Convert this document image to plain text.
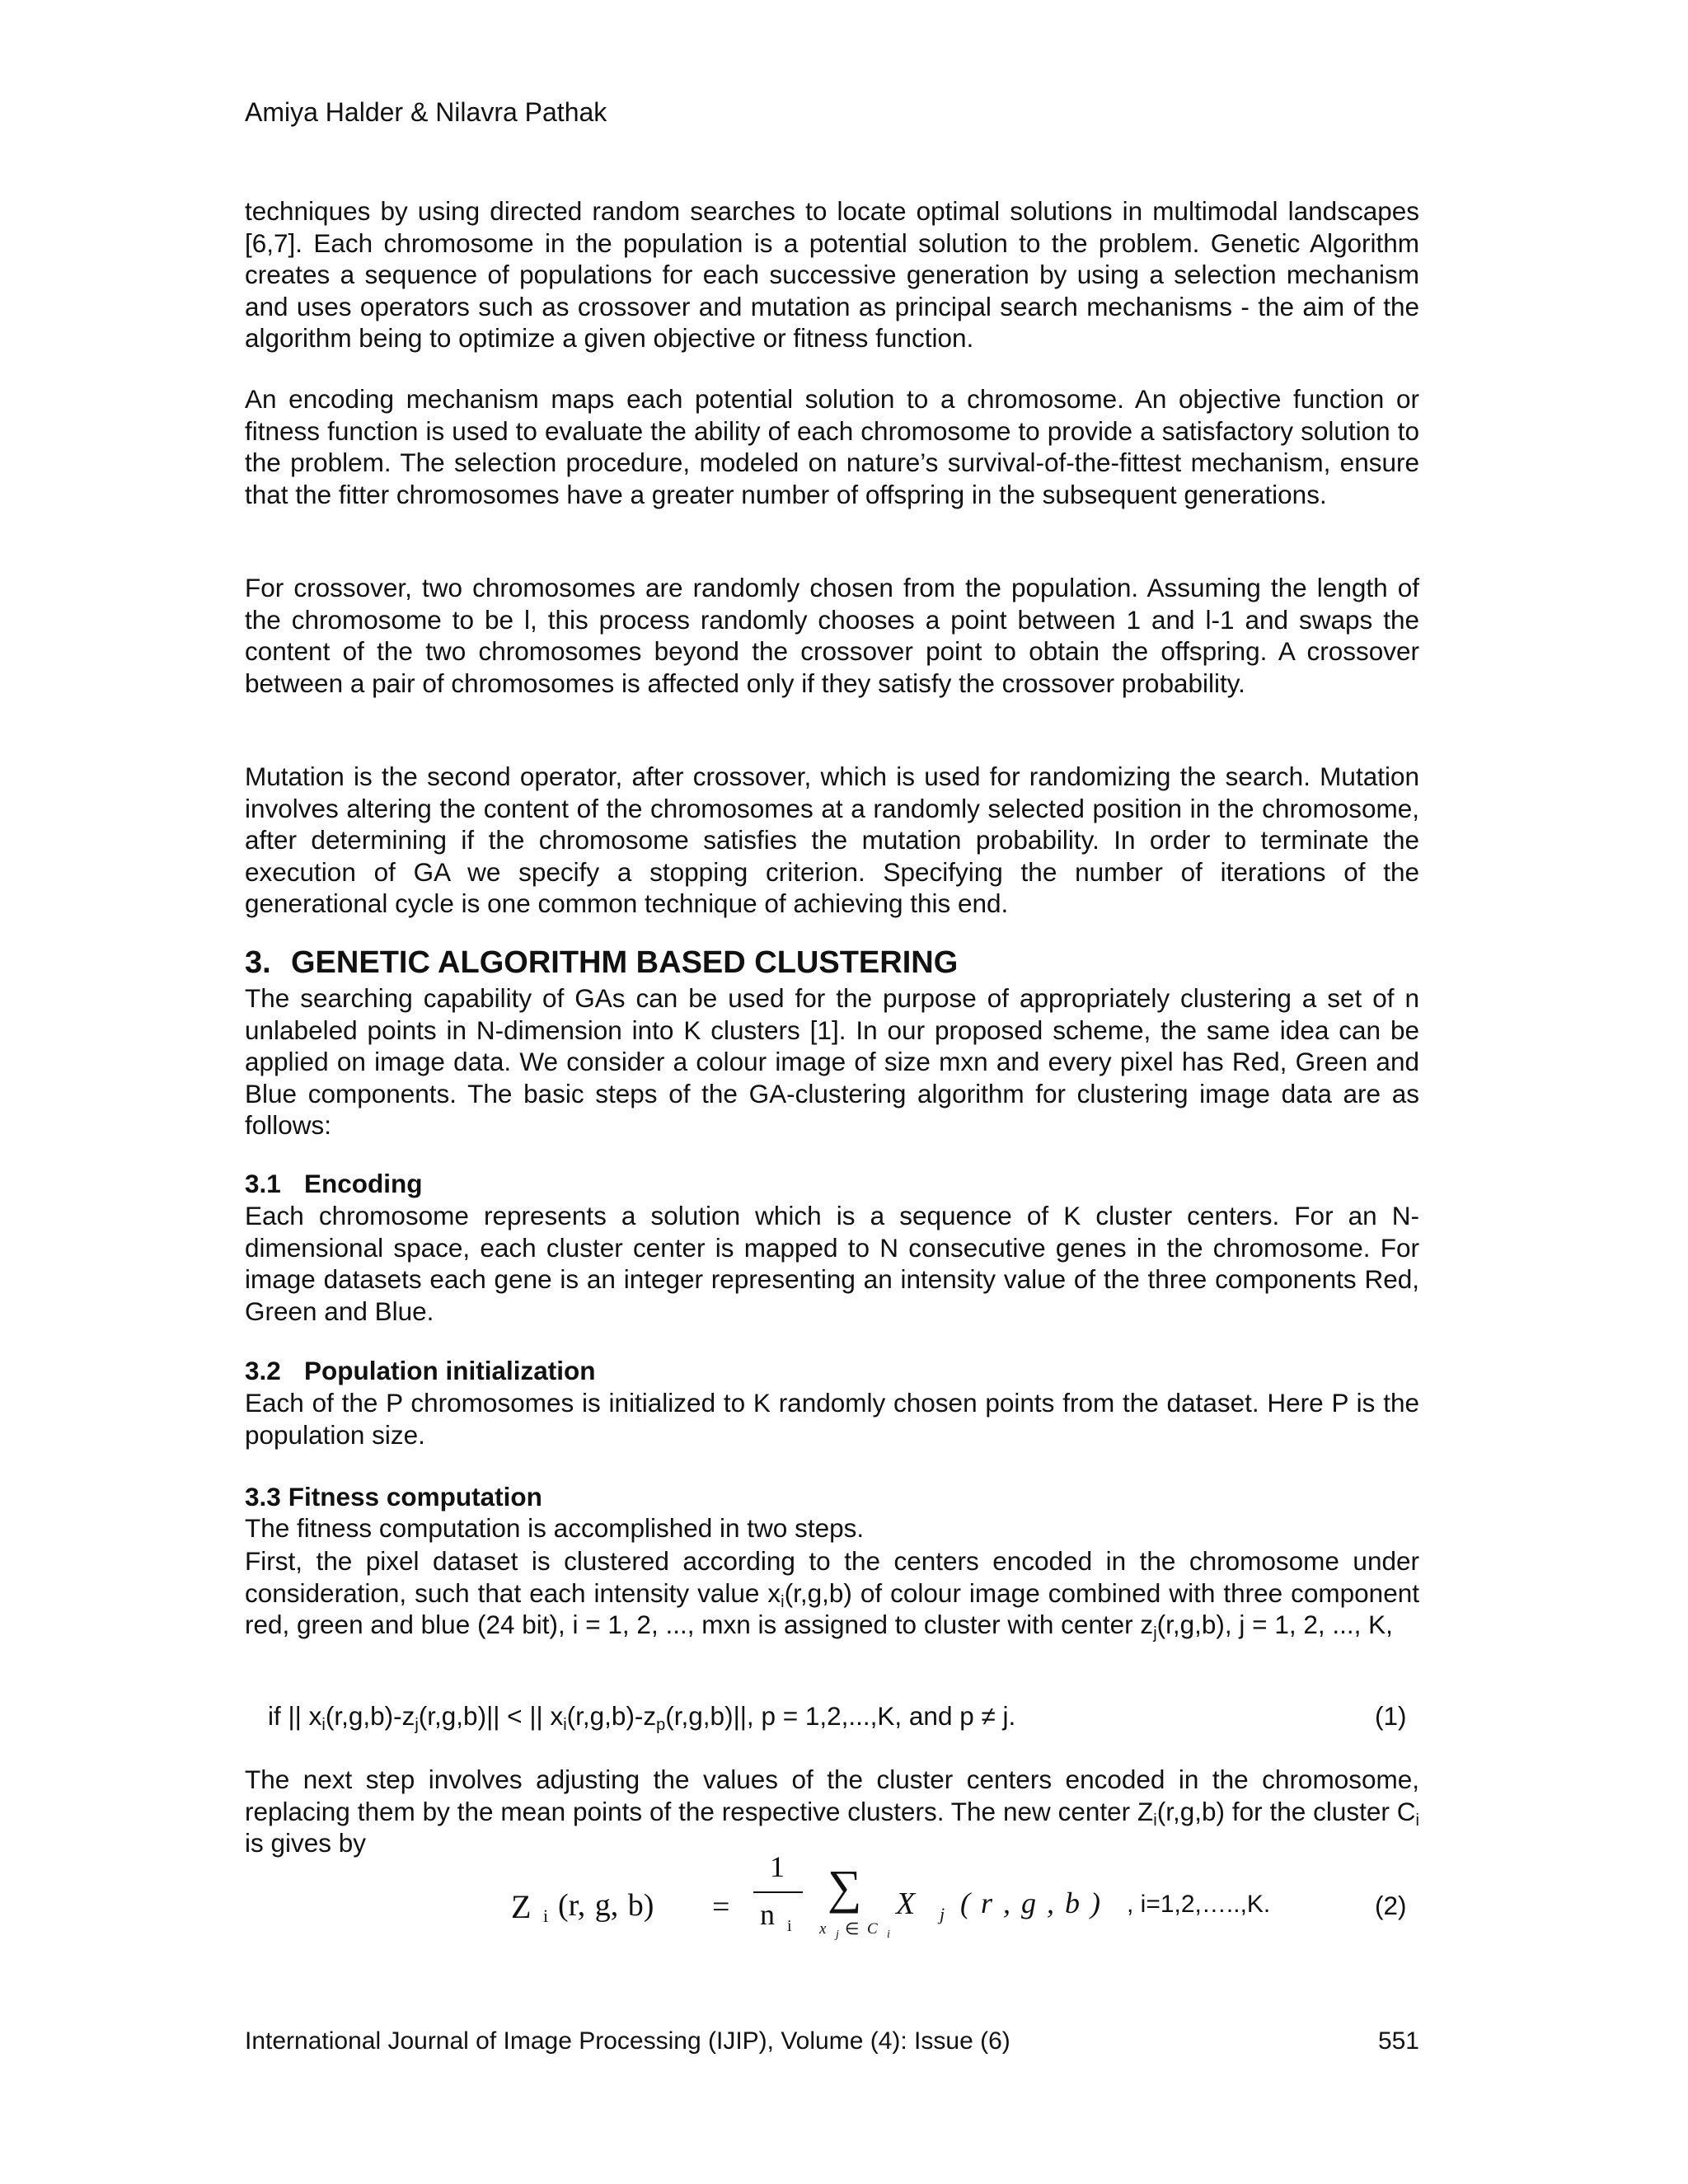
Amiya Halder & Nilavra Pathak

techniques by using directed random searches to locate optimal solutions in multimodal landscapes [6,7]. Each chromosome in the population is a potential solution to the problem. Genetic Algorithm creates a sequence of populations for each successive generation by using a selection mechanism and uses operators such as crossover and mutation as principal search mechanisms - the aim of the algorithm being to optimize a given objective or fitness function.

An encoding mechanism maps each potential solution to a chromosome. An objective function or fitness function is used to evaluate the ability of each chromosome to provide a satisfactory solution to the problem. The selection procedure, modeled on nature’s survival-of-the-fittest mechanism, ensure that the fitter chromosomes have a greater number of offspring in the subsequent generations.

For crossover, two chromosomes are randomly chosen from the population. Assuming the length of the chromosome to be l, this process randomly chooses a point between 1 and l-1 and swaps the content of the two chromosomes beyond the crossover point to obtain the offspring. A crossover between a pair of chromosomes is affected only if they satisfy the crossover probability.

Mutation is the second operator, after crossover, which is used for randomizing the search. Mutation involves altering the content of the chromosomes at a randomly selected position in the chromosome, after determining if the chromosome satisfies the mutation probability. In order to terminate the execution of GA we specify a stopping criterion. Specifying the number of iterations of the generational cycle is one common technique of achieving this end.

3. GENETIC ALGORITHM BASED CLUSTERING

The searching capability of GAs can be used for the purpose of appropriately clustering a set of n unlabeled points in N-dimension into K clusters [1]. In our proposed scheme, the same idea can be applied on image data. We consider a colour image of size mxn and every pixel has Red, Green and Blue components. The basic steps of the GA-clustering algorithm for clustering image data are as follows:

3.1 Encoding

Each chromosome represents a solution which is a sequence of K cluster centers. For an N-dimensional space, each cluster center is mapped to N consecutive genes in the chromosome. For image datasets each gene is an integer representing an intensity value of the three components Red, Green and Blue.

3.2 Population initialization

Each of the P chromosomes is initialized to K randomly chosen points from the dataset. Here P is the population size.

3.3 Fitness computation
The fitness computation is accomplished in two steps.

First, the pixel dataset is clustered according to the centers encoded in the chromosome under consideration, such that each intensity value $x_i(r,g,b)$ of colour image combined with three component red, green and blue (24 bit), i = 1, 2, ..., mxn is assigned to cluster with center $z_j(r,g,b)$, j = 1, 2, ..., K,

if || $x_i(r,g,b)-z_j(r,g,b)||$ < || $x_i(r,g,b)-z_p(r,g,b)||$, p = 1,2,...,K, and p ≠ j.	(1)

The next step involves adjusting the values of the cluster centers encoded in the chromosome, replacing them by the mean points of the respective clusters. The new center $Z_i(r,g,b)$ for the cluster $C_i$ is gives by

Z i (r, g, b) =
1
n i
∑
x j ∈ C i
X j ( r , g , b ) , i=1,2,…..,K.	(2)
International Journal of Image Processing (IJIP), Volume (4): Issue (6)	551
